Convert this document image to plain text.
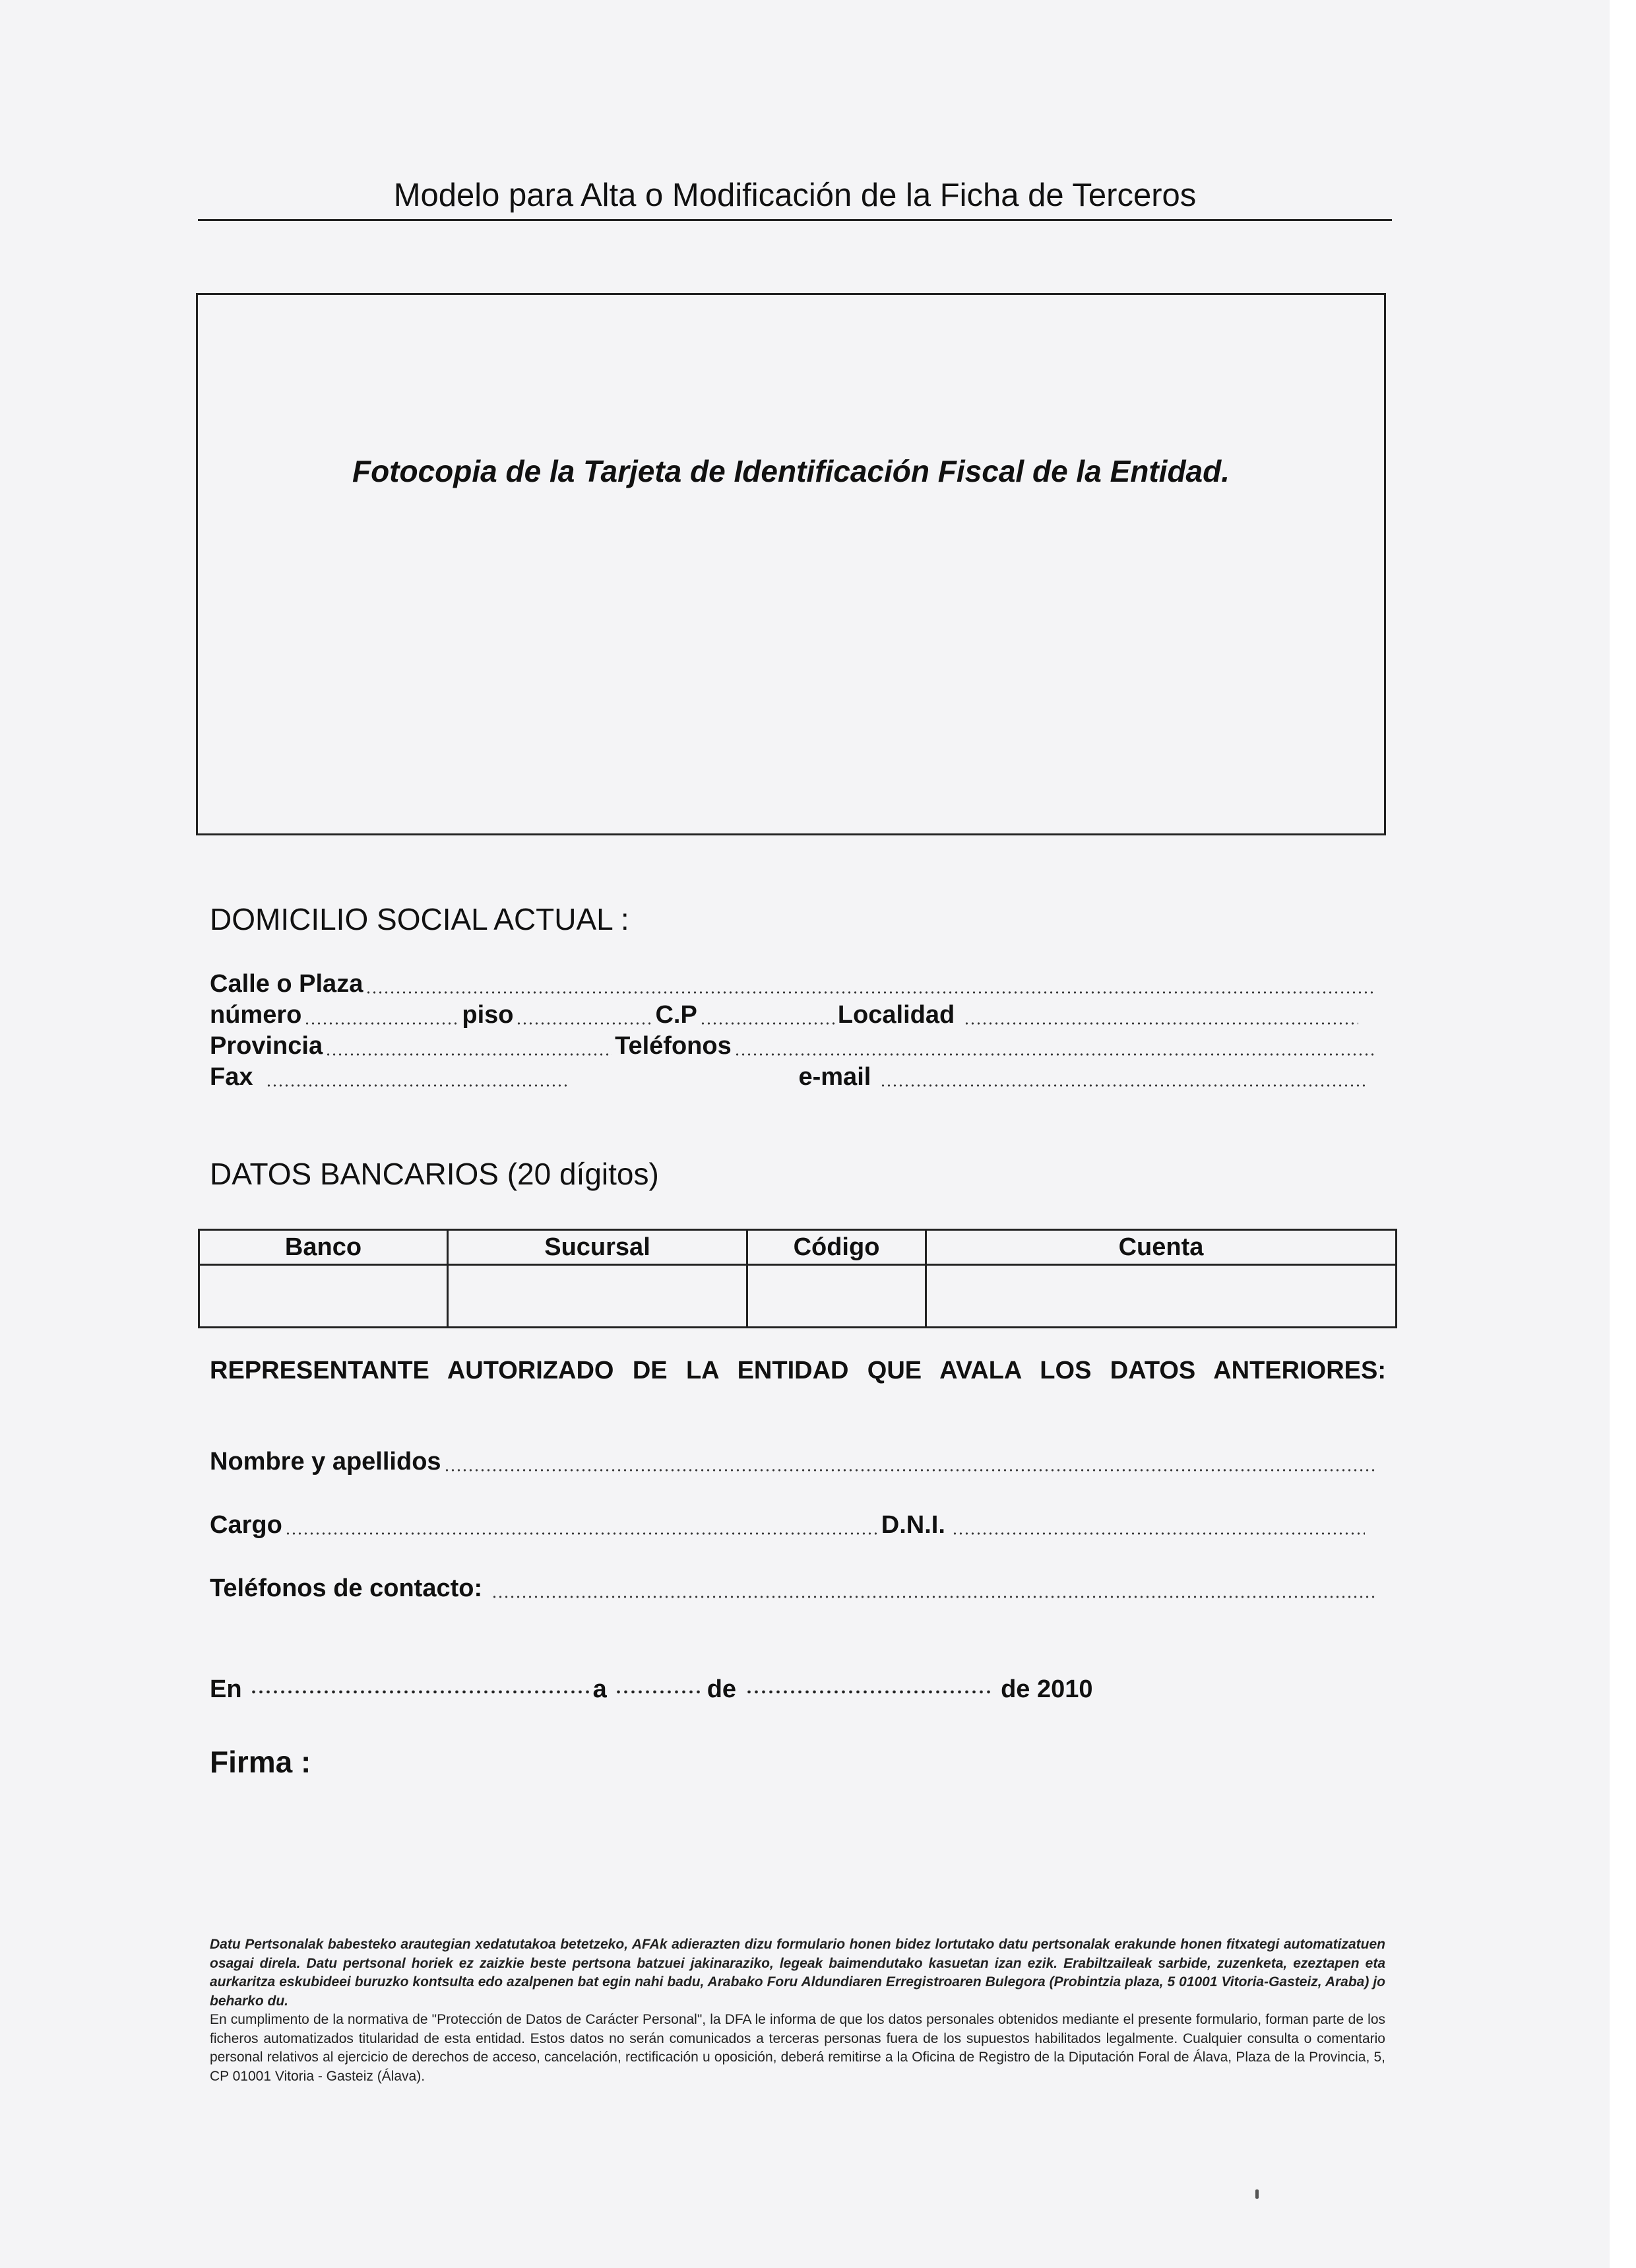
Modelo para Alta o Modificación de la Ficha de Terceros
Fotocopia de la Tarjeta de Identificación Fiscal de la Entidad.
DOMICILIO SOCIAL ACTUAL :
Calle o Plaza
número	piso	C.P	Localidad
Provincia	Teléfonos
Fax	e-mail
DATOS BANCARIOS (20 dígitos)
Banco	Sucursal	Código	Cuenta

REPRESENTANTE AUTORIZADO DE LA ENTIDAD QUE AVALA LOS DATOS ANTERIORES:
Nombre y apellidos
Cargo	D.N.I.
Teléfonos de contacto:
En	a	de	de 2010
Firma :
Datu Pertsonalak babesteko arautegian xedatutakoa betetzeko, AFAk adierazten dizu formulario honen bidez lortutako datu pertsonalak erakunde honen fitxategi automatizatuen osagai direla. Datu pertsonal horiek ez zaizkie beste pertsona batzuei jakinaraziko, legeak baimendutako kasuetan izan ezik. Erabiltzaileak sarbide, zuzenketa, ezeztapen eta aurkaritza eskubideei buruzko kontsulta edo azalpenen bat egin nahi badu, Arabako Foru Aldundiaren Erregistroaren Bulegora (Probintzia plaza, 5 01001 Vitoria-Gasteiz, Araba) jo beharko du.
En cumplimento de la normativa de "Protección de Datos de Carácter Personal", la DFA le informa de que los datos personales obtenidos mediante el presente formulario, forman parte de los ficheros automatizados titularidad de esta entidad. Estos datos no serán comunicados a terceras personas fuera de los supuestos habilitados legalmente. Cualquier consulta o comentario personal relativos al ejercicio de derechos de acceso, cancelación, rectificación u oposición, deberá remitirse a la Oficina de Registro de la Diputación Foral de Álava, Plaza de la Provincia, 5, CP 01001 Vitoria - Gasteiz (Álava).
